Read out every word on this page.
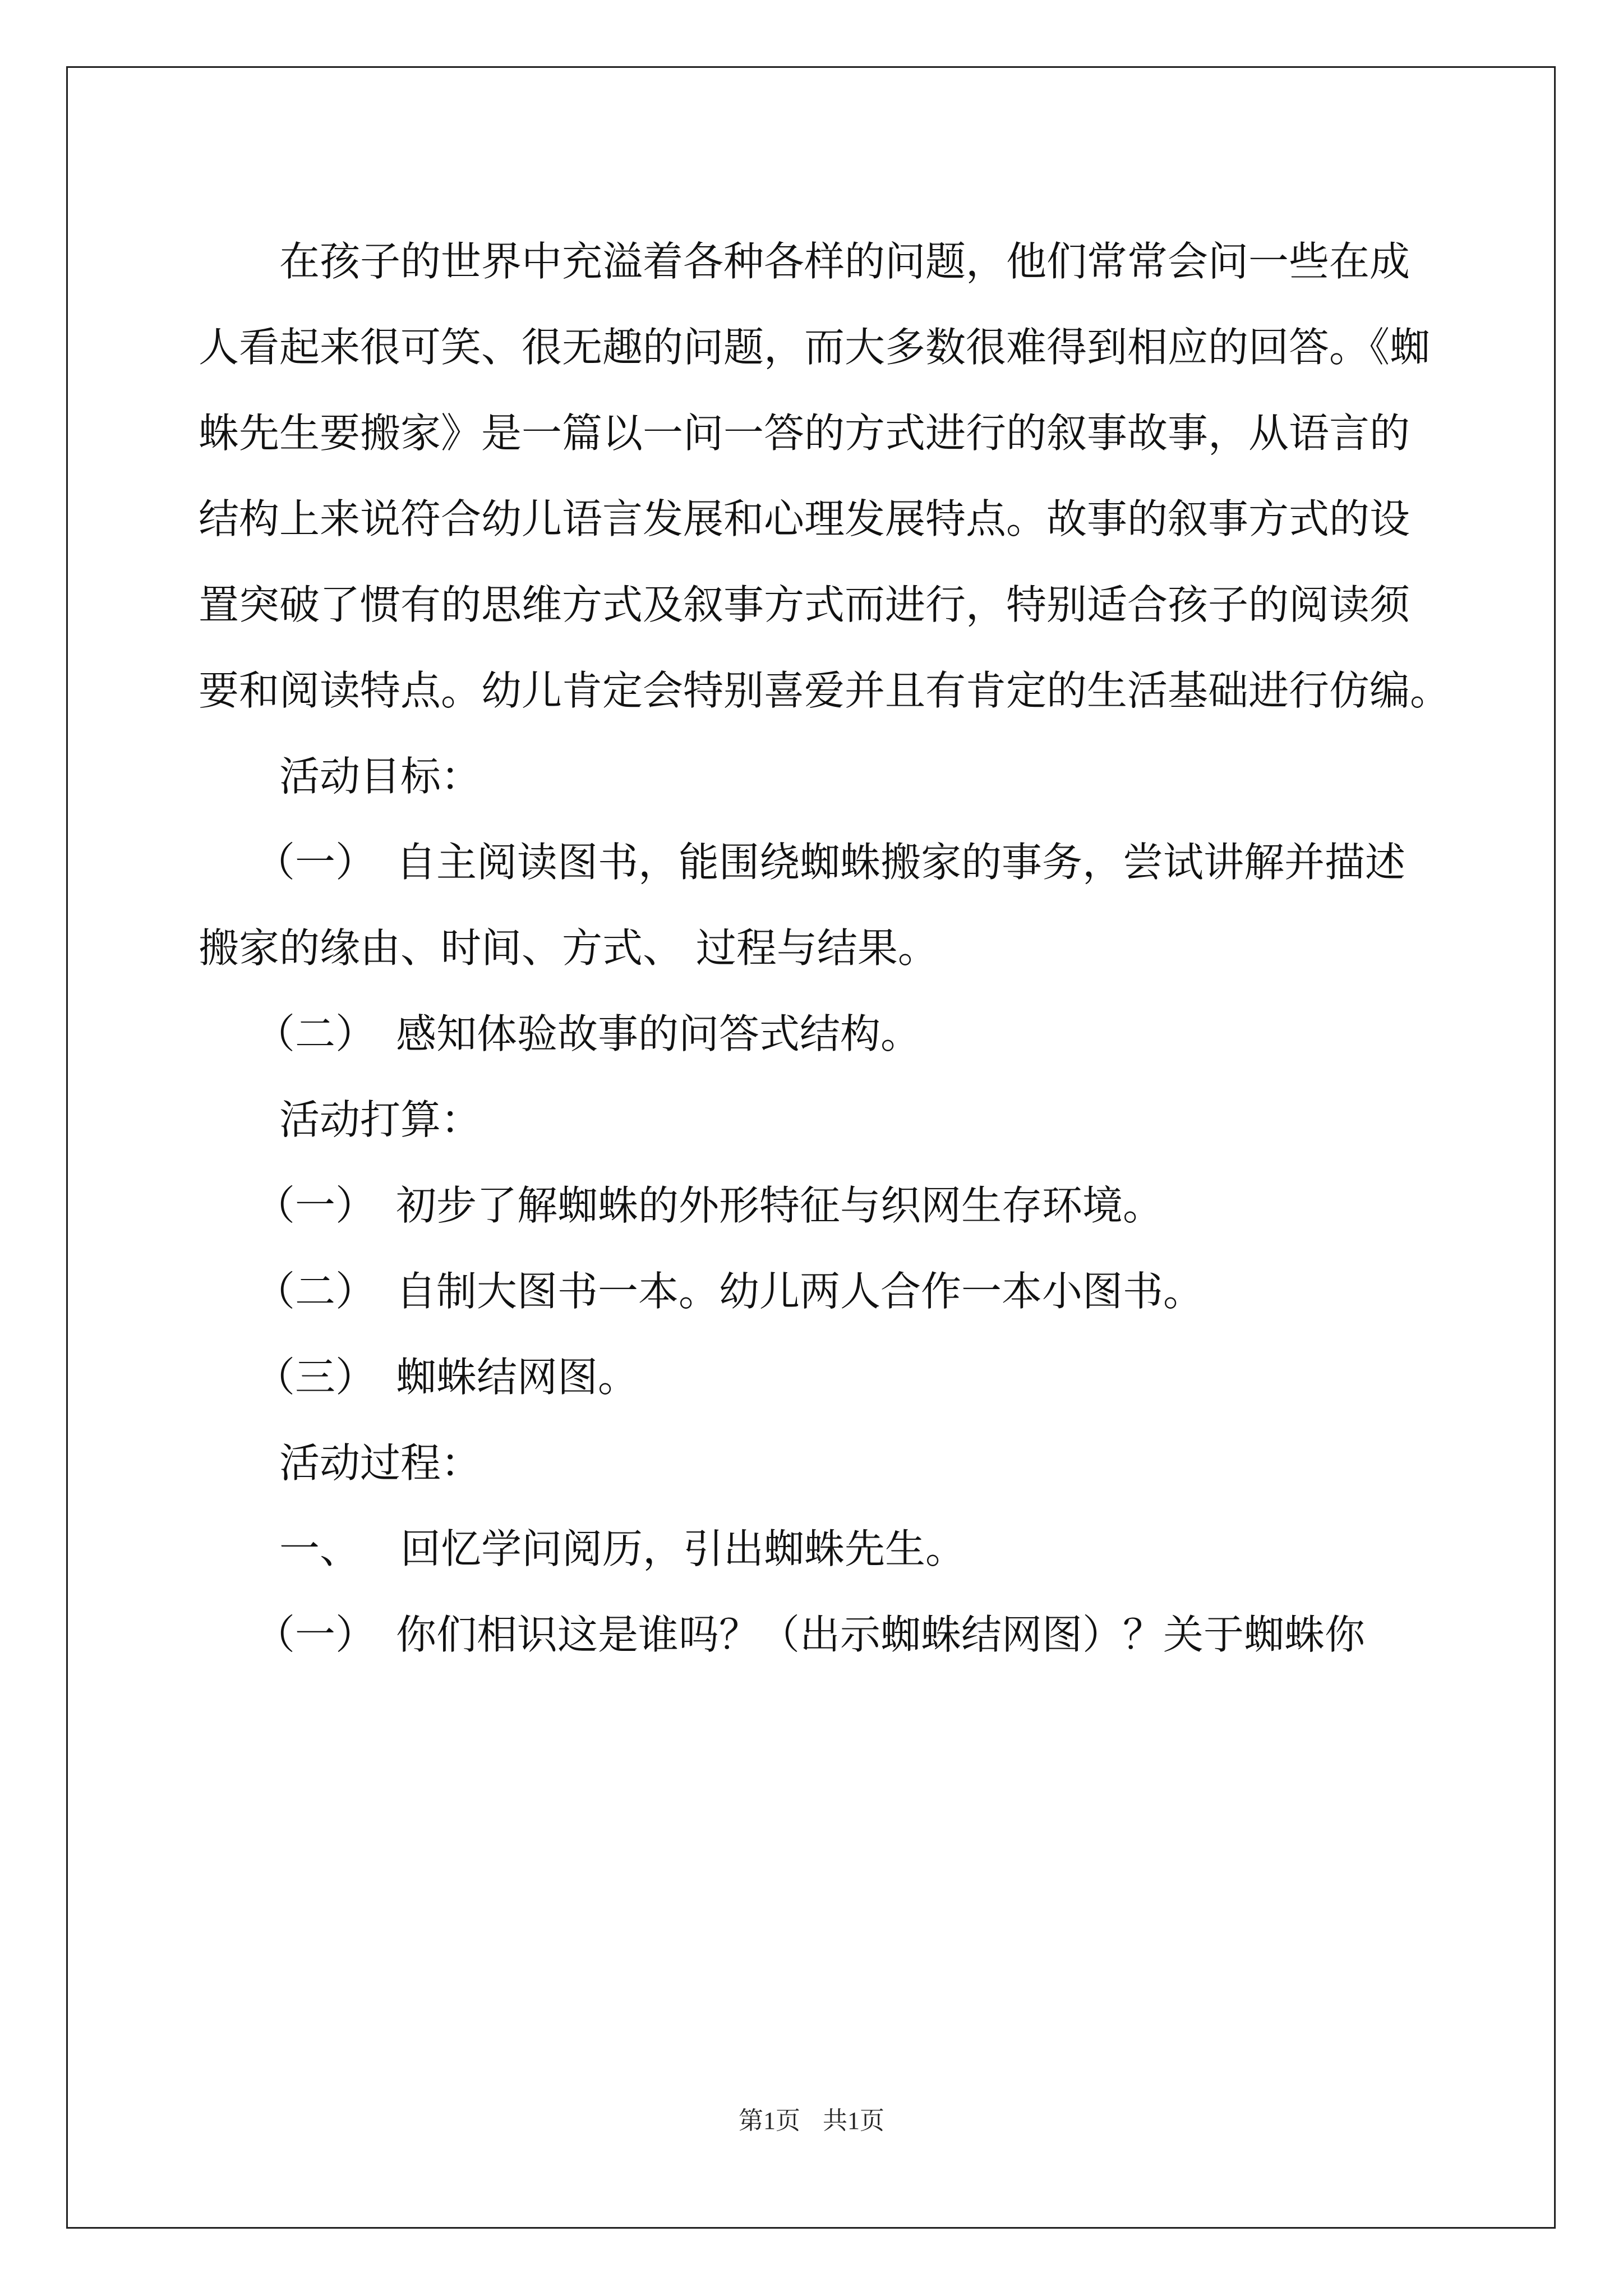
在孩子的世界中充溢着各种各样的问题，他们常常会问一些在成
人看起来很可笑、很无趣的问题，而大多数很难得到相应的回答。《蜘
蛛先生要搬家》是一篇以一问一答的方式进行的叙事故事，从语言的
结构上来说符合幼儿语言发展和心理发展特点。故事的叙事方式的设
置突破了惯有的思维方式及叙事方式而进行，特别适合孩子的阅读须
要和阅读特点。幼儿肯定会特别喜爱并且有肯定的生活基础进行仿编。
活动目标：
（一） 自主阅读图书，能围绕蜘蛛搬家的事务，尝试讲解并描述
搬家的缘由、时间、方式、 过程与结果。
（二） 感知体验故事的问答式结构。
活动打算：
（一） 初步了解蜘蛛的外形特征与织网生存环境。
（二） 自制大图书一本。幼儿两人合作一本小图书。
（三） 蜘蛛结网图。
活动过程：
一、 回忆学问阅历，引出蜘蛛先生。
（一） 你们相识这是谁吗？（出示蜘蛛结网图）？关于蜘蛛你
第1页 共1页
